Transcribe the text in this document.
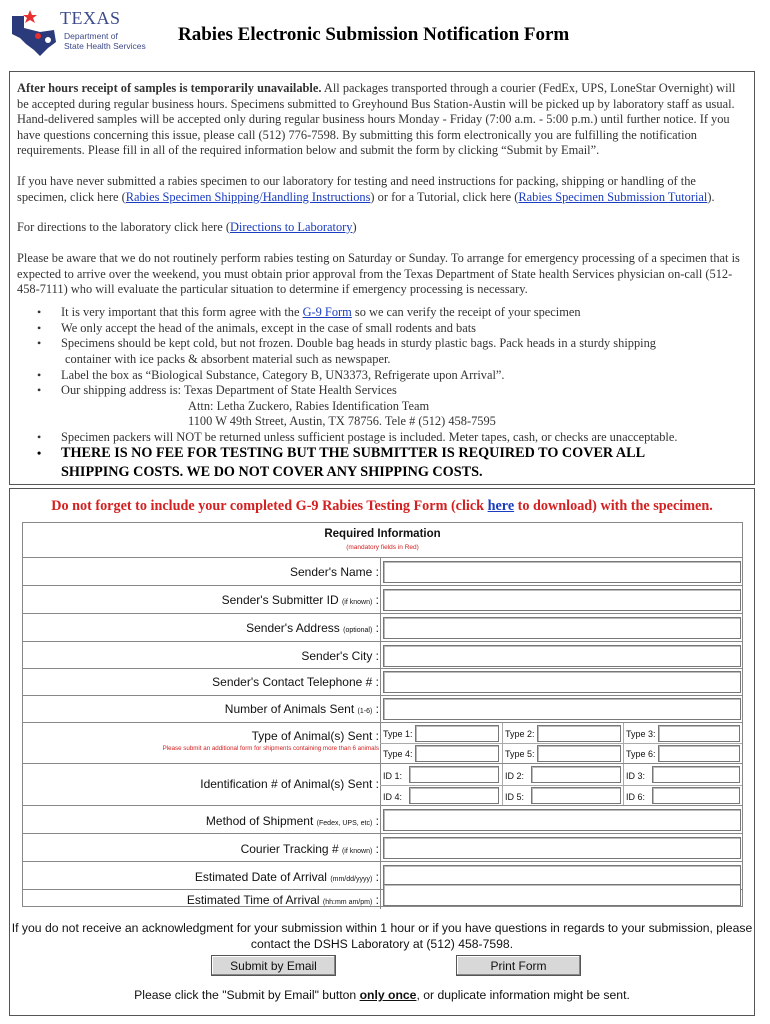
TEXAS
Department of
State Health Services
Rabies Electronic Submission Notification Form

After hours receipt of samples is temporarily unavailable. All packages transported through a courier (FedEx, UPS, LoneStar Overnight) will be accepted during regular business hours. Specimens submitted to Greyhound Bus Station-Austin will be picked up by laboratory staff as usual. Hand-delivered samples will be accepted only during regular business hours Monday - Friday (7:00 a.m. - 5:00 p.m.) until further notice. If you have questions concerning this issue, please call (512) 776-7598. By submitting this form electronically you are fulfilling the notification requirements. Please fill in all of the required information below and submit the form by clicking “Submit by Email”.

If you have never submitted a rabies specimen to our laboratory for testing and need instructions for packing, shipping or handling of the specimen, click here (Rabies Specimen Shipping/Handling Instructions) or for a Tutorial, click here (Rabies Specimen Submission Tutorial).

For directions to the laboratory click here (Directions to Laboratory)

Please be aware that we do not routinely perform rabies testing on Saturday or Sunday. To arrange for emergency processing of a specimen that is expected to arrive over the weekend, you must obtain prior approval from the Texas Department of State health Services physician on-call (512-458-7111) who will evaluate the particular situation to determine if emergency processing is necessary.

• It is very important that this form agree with the G-9 Form so we can verify the receipt of your specimen
• We only accept the head of the animals, except in the case of small rodents and bats
• Specimens should be kept cold, but not frozen. Double bag heads in sturdy plastic bags. Pack heads in a sturdy shipping
container with ice packs & absorbent material such as newspaper.
• Label the box as “Biological Substance, Category B, UN3373, Refrigerate upon Arrival”.
• Our shipping address is: Texas Department of State Health Services
Attn: Letha Zuckero, Rabies Identification Team
1100 W 49th Street, Austin, TX 78756. Tele # (512) 458-7595
• Specimen packers will NOT be returned unless sufficient postage is included. Meter tapes, cash, or checks are unacceptable.
• THERE IS NO FEE FOR TESTING BUT THE SUBMITTER IS REQUIRED TO COVER ALL
SHIPPING COSTS. WE DO NOT COVER ANY SHIPPING COSTS.
Do not forget to include your completed G-9 Rabies Testing Form (click here to download) with the specimen.
Required Information
(mandatory fields in Red)
Sender's Name :
Sender's Submitter ID (if known) :
Sender's Address (optional) :
Sender's City :
Sender's Contact Telephone # :
Number of Animals Sent (1-6) :
Type of Animal(s) Sent :
Please submit an additional form for shipments containing more than 6 animals
Type 1:	Type 2:	Type 3:
Type 4:	Type 5:	Type 6:
Identification # of Animal(s) Sent :
ID 1:	ID 2:	ID 3:
ID 4:	ID 5:	ID 6:
Method of Shipment (Fedex, UPS, etc) :
Courier Tracking # (if known) :
Estimated Date of Arrival (mm/dd/yyyy) :
Estimated Time of Arrival (hh:mm am/pm) :
If you do not receive an acknowledgment for your submission within 1 hour or if you have questions in regards to your submission, please contact the DSHS Laboratory at (512) 458-7598.
Submit by Email	Print Form
Please click the "Submit by Email" button only once, or duplicate information might be sent.
